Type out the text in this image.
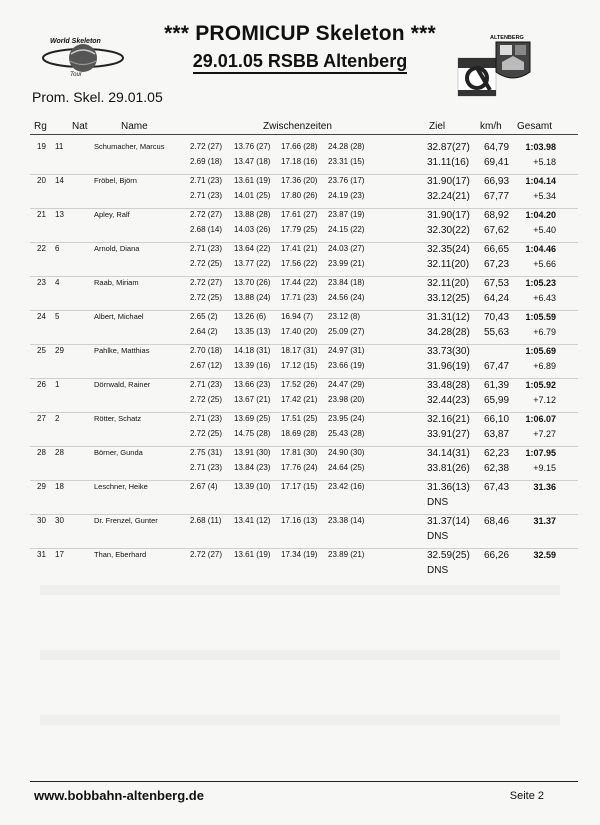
World Skeleton
Tour
*** PROMICUP Skeleton ***
29.01.05 RSBB Altenberg
ALTENBERG
Prom. Skel. 29.01.05
Rg	Nat	Name	Zwischenzeiten	Ziel	km/h Gesamt
19 11	Schumacher, Marcus	2.72 (27) 13.76 (27) 17.66 (28) 24.28 (28)	32.87(27) 64,79	1:03.98
2.69 (18) 13.47 (18) 17.18 (16) 23.31 (15)	31.11(16) 69,41	+5.18
20 14	Fröbel, Björn	2.71 (23) 13.61 (19) 17.36 (20) 23.76 (17)	31.90(17) 66,93	1:04.14
2.71 (23) 14.01 (25) 17.80 (26) 24.19 (23)	32.24(21) 67,77	+5.34
21 13	Apley, Ralf	2.72 (27) 13.88 (28) 17.61 (27) 23.87 (19)	31.90(17) 68,92	1:04.20
2.68 (14) 14.03 (26) 17.79 (25) 24.15 (22)	32.30(22) 67,62	+5.40
22 6	Arnold, Diana	2.71 (23) 13.64 (22) 17.41 (21) 24.03 (27)	32.35(24) 66,65	1:04.46
2.72 (25) 13.77 (22) 17.56 (22) 23.99 (21)	32.11(20) 67,23	+5.66
23 4	Raab, Miriam	2.72 (27) 13.70 (26) 17.44 (22) 23.84 (18)	32.11(20) 67,53	1:05.23
2.72 (25) 13.88 (24) 17.71 (23) 24.56 (24)	33.12(25) 64,24	+6.43
24 5	Albert, Michael	2.65 (2) 13.26 (6) 16.94 (7) 23.12 (8)	31.31(12) 70,43	1:05.59
2.64 (2) 13.35 (13) 17.40 (20) 25.09 (27)	34.28(28) 55,63	+6.79
25 29	Pahlke, Matthias	2.70 (18) 14.18 (31) 18.17 (31) 24.97 (31)	33.73(30)	1:05.69
2.67 (12) 13.39 (16) 17.12 (15) 23.66 (19)	31.96(19) 67,47	+6.89
26 1	Dörrwald, Rainer	2.71 (23) 13.66 (23) 17.52 (26) 24.47 (29)	33.48(28) 61,39	1:05.92
2.72 (25) 13.67 (21) 17.42 (21) 23.98 (20)	32.44(23) 65,99	+7.12
27 2	Rötter, Schatz	2.71 (23) 13.69 (25) 17.51 (25) 23.95 (24)	32.16(21) 66,10	1:06.07
2.72 (25) 14.75 (28) 18.69 (28) 25.43 (28)	33.91(27) 63,87	+7.27
28 28	Börner, Gunda	2.75 (31) 13.91 (30) 17.81 (30) 24.90 (30)	34.14(31) 62,23	1:07.95
2.71 (23) 13.84 (23) 17.76 (24) 24.64 (25)	33.81(26) 62,38	+9.15
29 18	Leschner, Heike	2.67 (4) 13.39 (10) 17.17 (15) 23.42 (16)	31.36(13) 67,43	31.36
DNS
30 30	Dr. Frenzel, Gunter	2.68 (11) 13.41 (12) 17.16 (13) 23.38 (14)	31.37(14) 68,46	31.37
DNS
31 17	Than, Eberhard	2.72 (27) 13.61 (19) 17.34 (19) 23.89 (21)	32.59(25) 66,26	32.59
DNS
www.bobbahn-altenberg.de	Seite 2
